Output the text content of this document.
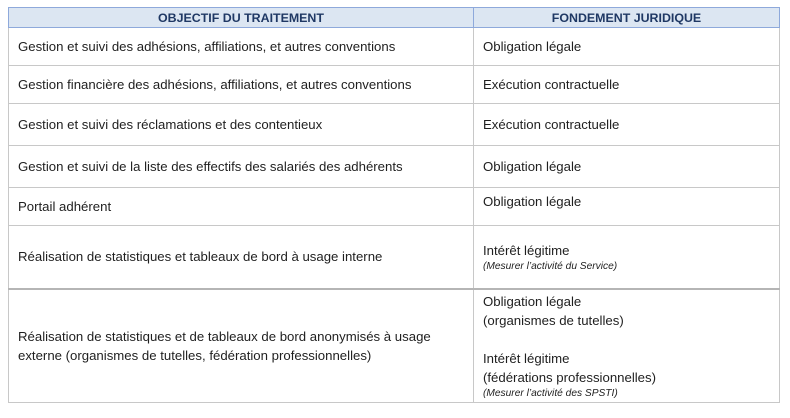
OBJECTIF DU TRAITEMENT	FONDEMENT JURIDIQUE
Gestion et suivi des adhésions, affiliations, et autres conventions	Obligation légale
Gestion financière des adhésions, affiliations, et autres conventions	Exécution contractuelle
Gestion et suivi des réclamations et des contentieux	Exécution contractuelle
Gestion et suivi de la liste des effectifs des salariés des adhérents	Obligation légale
Portail adhérent	Obligation légale
Réalisation de statistiques et tableaux de bord à usage interne	Intérêt légitime
(Mesurer l’activité du Service)

Réalisation de statistiques et de tableaux de bord anonymisés à usage externe (organismes de tutelles, fédération professionnelles)	Obligation légale
(organismes de tutelles)
Intérêt légitime
(fédérations professionnelles)
(Mesurer l’activité des SPSTI)
